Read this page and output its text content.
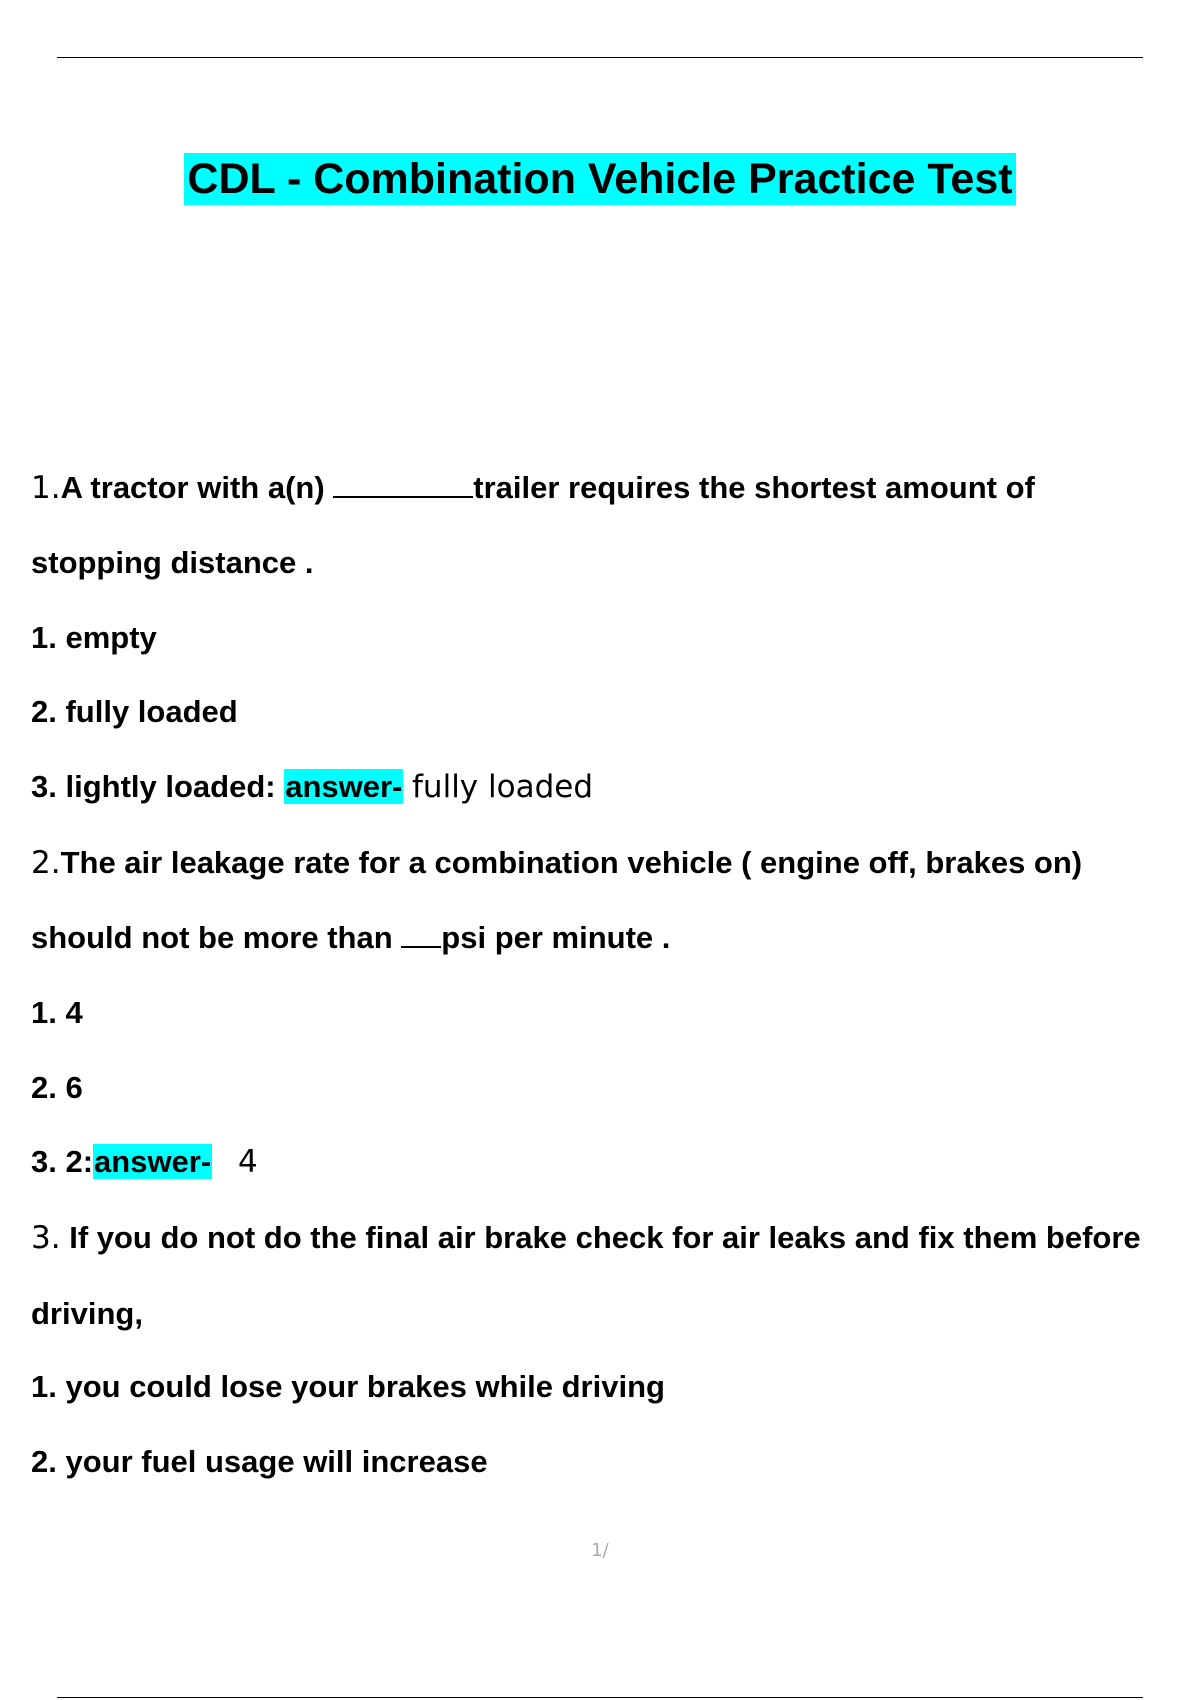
CDL - Combination Vehicle Practice Test
1.A tractor with a(n)	trailer requires the shortest amount of
stopping distance .
1. empty
2. fully loaded
3. lightly loaded: answer- fully loaded
2.The air leakage rate for a combination vehicle ( engine off, brakes on)
should not be more than psi per minute .
1. 4
2. 6
3. 2:answer- 4
3. If you do not do the final air brake check for air leaks and fix them before
driving,
1. you could lose your brakes while driving
2. your fuel usage will increase
1/
